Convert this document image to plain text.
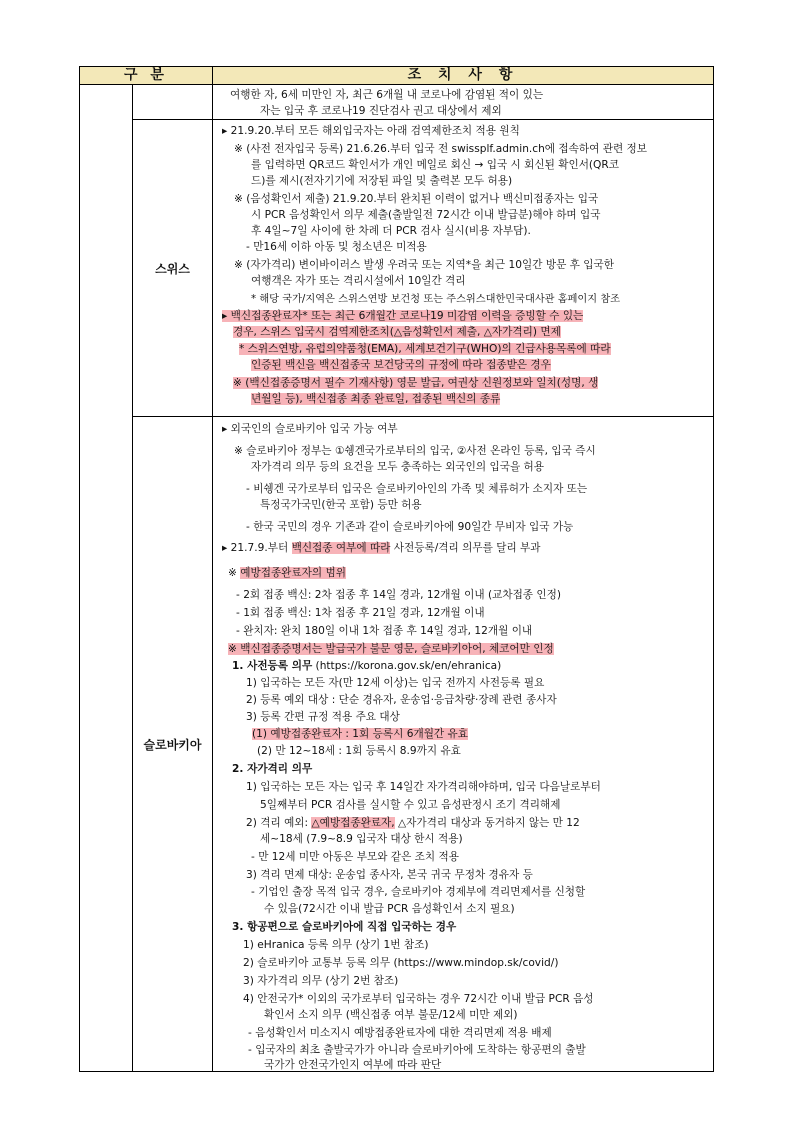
구 분	조 치 사 항
스위스
슬로바키아
여행한 자, 6세 미만인 자, 최근 6개월 내 코로나에 감염된 적이 있는
자는 입국 후 코로나19 진단검사 권고 대상에서 제외
▸ 21.9.20.부터 모든 해외입국자는 아래 검역제한조치 적용 원칙
※ (사전 전자입국 등록) 21.6.26.부터 입국 전 swissplf.admin.ch에 접속하여 관련 정보
를 입력하면 QR코드 확인서가 개인 메일로 회신 → 입국 시 회신된 확인서(QR코
드)를 제시(전자기기에 저장된 파일 및 출력본 모두 허용)
※ (음성확인서 제출) 21.9.20.부터 완치된 이력이 없거나 백신미접종자는 입국
시 PCR 음성확인서 의무 제출(출발일전 72시간 이내 발급분)해야 하며 입국
후 4일~7일 사이에 한 차례 더 PCR 검사 실시(비용 자부담).
- 만16세 이하 아동 및 청소년은 미적용
※ (자가격리) 변이바이러스 발생 우려국 또는 지역*을 최근 10일간 방문 후 입국한
여행객은 자가 또는 격리시설에서 10일간 격리
* 해당 국가/지역은 스위스연방 보건청 또는 주스위스대한민국대사관 홈페이지 참조
▸ 백신접종완료자* 또는 최근 6개월간 코로나19 미감염 이력을 증빙할 수 있는
경우, 스위스 입국시 검역제한조치(△음성확인서 제출, △자가격리) 면제
* 스위스연방, 유럽의약품청(EMA), 세계보건기구(WHO)의 긴급사용목록에 따라
인증된 백신을 백신접종국 보건당국의 규정에 따라 접종받은 경우
※ (백신접종증명서 필수 기재사항) 영문 발급, 여권상 신원정보와 일치(성명, 생
년월일 등), 백신접종 최종 완료일, 접종된 백신의 종류
▸ 외국인의 슬로바키아 입국 가능 여부
※ 슬로바키아 정부는 ①쉥겐국가로부터의 입국, ②사전 온라인 등록, 입국 즉시
자가격리 의무 등의 요건을 모두 충족하는 외국인의 입국을 허용
- 비쉥겐 국가로부터 입국은 슬로바키아인의 가족 및 체류허가 소지자 또는
특정국가국민(한국 포함) 등만 허용
- 한국 국민의 경우 기존과 같이 슬로바키아에 90일간 무비자 입국 가능
▸ 21.7.9.부터 백신접종 여부에 따라 사전등록/격리 의무를 달리 부과
※ 예방접종완료자의 범위
- 2회 접종 백신: 2차 접종 후 14일 경과, 12개월 이내 (교차접종 인정)
- 1회 접종 백신: 1차 접종 후 21일 경과, 12개월 이내
- 완치자: 완치 180일 이내 1차 접종 후 14일 경과, 12개월 이내
※ 백신접종증명서는 발급국가 불문 영문, 슬로바키아어, 체코어만 인정
1. 사전등록 의무 (https://korona.gov.sk/en/ehranica)
1) 입국하는 모든 자(만 12세 이상)는 입국 전까지 사전등록 필요
2) 등록 예외 대상 : 단순 경유자, 운송업·응급차량·장례 관련 종사자
3) 등록 간편 규정 적용 주요 대상
(1) 예방접종완료자 : 1회 등록시 6개월간 유효
(2) 만 12~18세 : 1회 등록시 8.9까지 유효
2. 자가격리 의무
1) 입국하는 모든 자는 입국 후 14일간 자가격리해야하며, 입국 다음날로부터
5일째부터 PCR 검사를 실시할 수 있고 음성판정시 조기 격리해제
2) 격리 예외: △예방접종완료자, △자가격리 대상과 동거하지 않는 만 12
세~18세 (7.9~8.9 입국자 대상 한시 적용)
- 만 12세 미만 아동은 부모와 같은 조치 적용
3) 격리 면제 대상: 운송업 종사자, 본국 귀국 무정차 경유자 등
- 기업인 출장 목적 입국 경우, 슬로바키아 경제부에 격리면제서를 신청할
수 있음(72시간 이내 발급 PCR 음성확인서 소지 필요)
3. 항공편으로 슬로바키아에 직접 입국하는 경우
1) eHranica 등록 의무 (상기 1번 참조)
2) 슬로바키아 교통부 등록 의무 (https://www.mindop.sk/covid/)
3) 자가격리 의무 (상기 2번 참조)
4) 안전국가* 이외의 국가로부터 입국하는 경우 72시간 이내 발급 PCR 음성
확인서 소지 의무 (백신접종 여부 불문/12세 미만 제외)
- 음성확인서 미소지시 예방접종완료자에 대한 격리면제 적용 배제
- 입국자의 최초 출발국가가 아니라 슬로바키아에 도착하는 항공편의 출발
국가가 안전국가인지 여부에 따라 판단
